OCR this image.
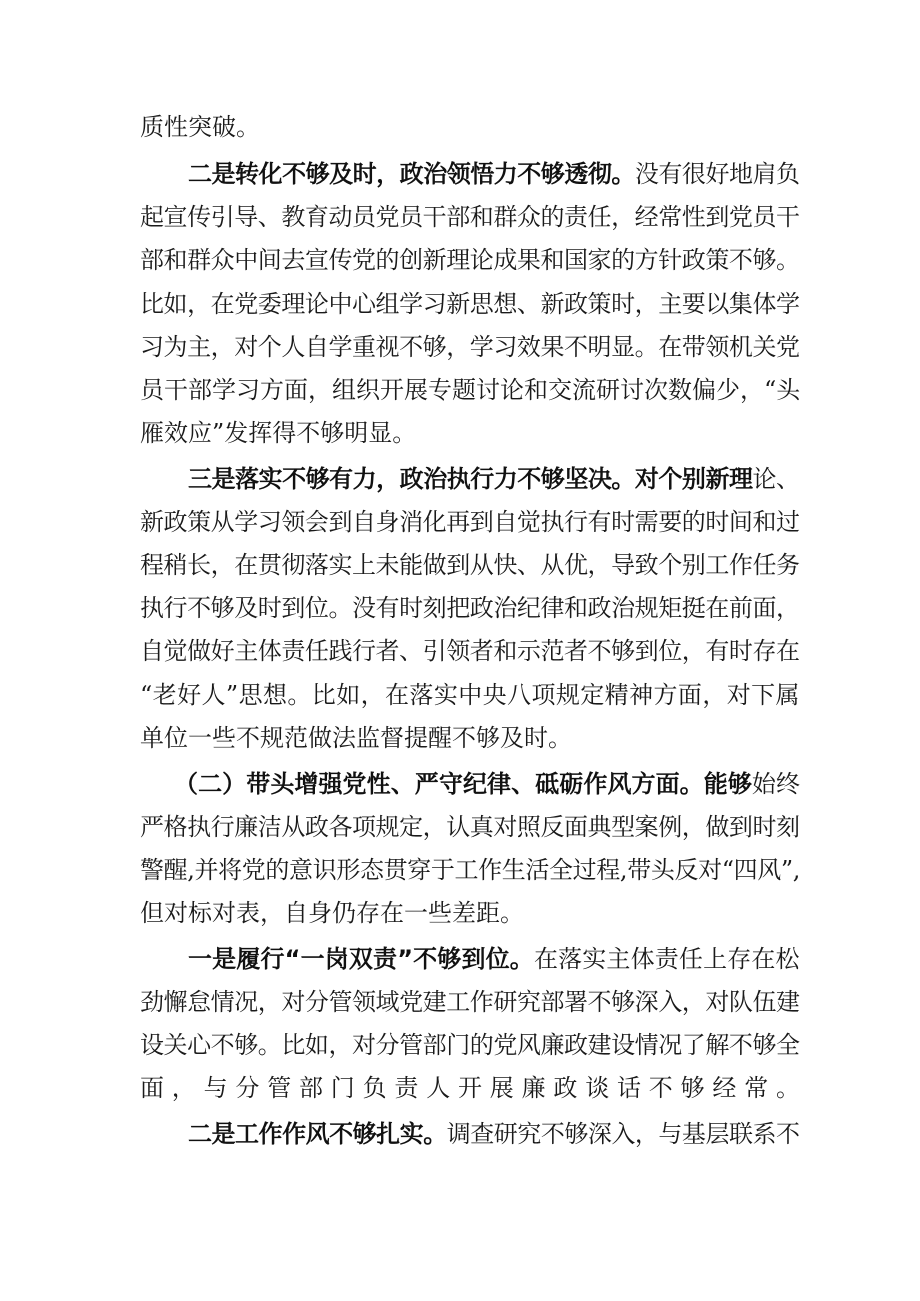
质性突破。
二是转化不够及时，政治领悟力不够透彻。没有很好地肩负
起宣传引导、教育动员党员干部和群众的责任，经常性到党员干
部和群众中间去宣传党的创新理论成果和国家的方针政策不够。
比如，在党委理论中心组学习新思想、新政策时，主要以集体学
习为主，对个人自学重视不够，学习效果不明显。在带领机关党
员干部学习方面，组织开展专题讨论和交流研讨次数偏少，“头
雁效应”发挥得不够明显。
三是落实不够有力，政治执行力不够坚决。对个别新理论、
新政策从学习领会到自身消化再到自觉执行有时需要的时间和过
程稍长，在贯彻落实上未能做到从快、从优，导致个别工作任务
执行不够及时到位。没有时刻把政治纪律和政治规矩挺在前面，
自觉做好主体责任践行者、引领者和示范者不够到位，有时存在
“老好人”思想。比如，在落实中央八项规定精神方面，对下属
单位一些不规范做法监督提醒不够及时。
（二）带头增强党性、严守纪律、砥砺作风方面。能够始终
严格执行廉洁从政各项规定，认真对照反面典型案例，做到时刻
警醒,并将党的意识形态贯穿于工作生活全过程,带头反对“四风”,
但对标对表，自身仍存在一些差距。
一是履行“一岗双责”不够到位。在落实主体责任上存在松
劲懈怠情况，对分管领域党建工作研究部署不够深入，对队伍建
设关心不够。比如，对分管部门的党风廉政建设情况了解不够全
面，与分管部门负责人开展廉政谈话不够经常。
二是工作作风不够扎实。调查研究不够深入，与基层联系不
